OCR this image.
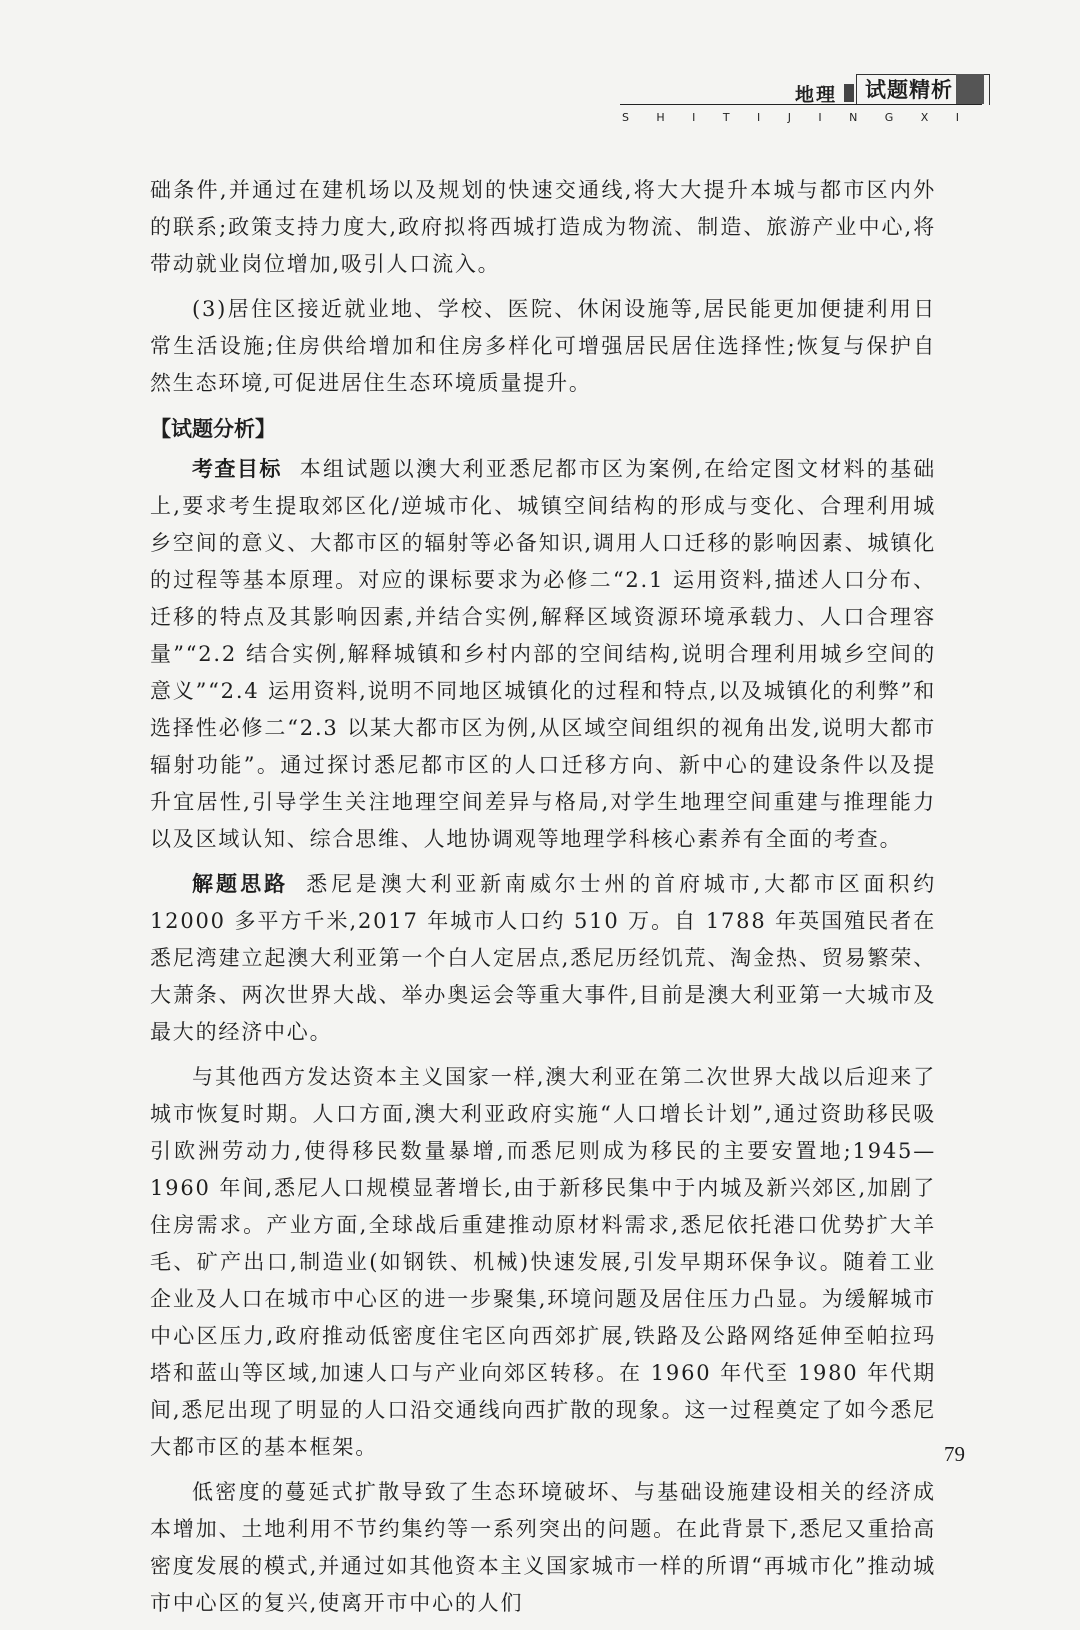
地理	试题精析
S H I T I J I N G X I

础条件,并通过在建机场以及规划的快速交通线,将大大提升本城与都市区内外的联系;政策支持力度大,政府拟将西城打造成为物流、制造、旅游产业中心,将带动就业岗位增加,吸引人口流入。

(3)居住区接近就业地、学校、医院、休闲设施等,居民能更加便捷利用日常生活设施;住房供给增加和住房多样化可增强居民居住选择性;恢复与保护自然生态环境,可促进居住生态环境质量提升。

【试题分析】

考查目标 本组试题以澳大利亚悉尼都市区为案例,在给定图文材料的基础上,要求考生提取郊区化/逆城市化、城镇空间结构的形成与变化、合理利用城乡空间的意义、大都市区的辐射等必备知识,调用人口迁移的影响因素、城镇化的过程等基本原理。对应的课标要求为必修二“2.1 运用资料,描述人口分布、迁移的特点及其影响因素,并结合实例,解释区域资源环境承载力、人口合理容量”“2.2 结合实例,解释城镇和乡村内部的空间结构,说明合理利用城乡空间的意义”“2.4 运用资料,说明不同地区城镇化的过程和特点,以及城镇化的利弊”和选择性必修二“2.3 以某大都市区为例,从区域空间组织的视角出发,说明大都市辐射功能”。通过探讨悉尼都市区的人口迁移方向、新中心的建设条件以及提升宜居性,引导学生关注地理空间差异与格局,对学生地理空间重建与推理能力以及区域认知、综合思维、人地协调观等地理学科核心素养有全面的考查。

解题思路 悉尼是澳大利亚新南威尔士州的首府城市,大都市区面积约 12000 多平方千米,2017 年城市人口约 510 万。自 1788 年英国殖民者在悉尼湾建立起澳大利亚第一个白人定居点,悉尼历经饥荒、淘金热、贸易繁荣、大萧条、两次世界大战、举办奥运会等重大事件,目前是澳大利亚第一大城市及最大的经济中心。

与其他西方发达资本主义国家一样,澳大利亚在第二次世界大战以后迎来了城市恢复时期。人口方面,澳大利亚政府实施“人口增长计划”,通过资助移民吸引欧洲劳动力,使得移民数量暴增,而悉尼则成为移民的主要安置地;1945—1960 年间,悉尼人口规模显著增长,由于新移民集中于内城及新兴郊区,加剧了住房需求。产业方面,全球战后重建推动原材料需求,悉尼依托港口优势扩大羊毛、矿产出口,制造业(如钢铁、机械)快速发展,引发早期环保争议。随着工业企业及人口在城市中心区的进一步聚集,环境问题及居住压力凸显。为缓解城市中心区压力,政府推动低密度住宅区向西郊扩展,铁路及公路网络延伸至帕拉玛塔和蓝山等区域,加速人口与产业向郊区转移。在 1960 年代至 1980 年代期间,悉尼出现了明显的人口沿交通线向西扩散的现象。这一过程奠定了如今悉尼大都市区的基本框架。

低密度的蔓延式扩散导致了生态环境破坏、与基础设施建设相关的经济成本增加、土地利用不节约集约等一系列突出的问题。在此背景下,悉尼又重拾高密度发展的模式,并通过如其他资本主义国家城市一样的所谓“再城市化”推动城市中心区的复兴,使离开市中心的人们

79
